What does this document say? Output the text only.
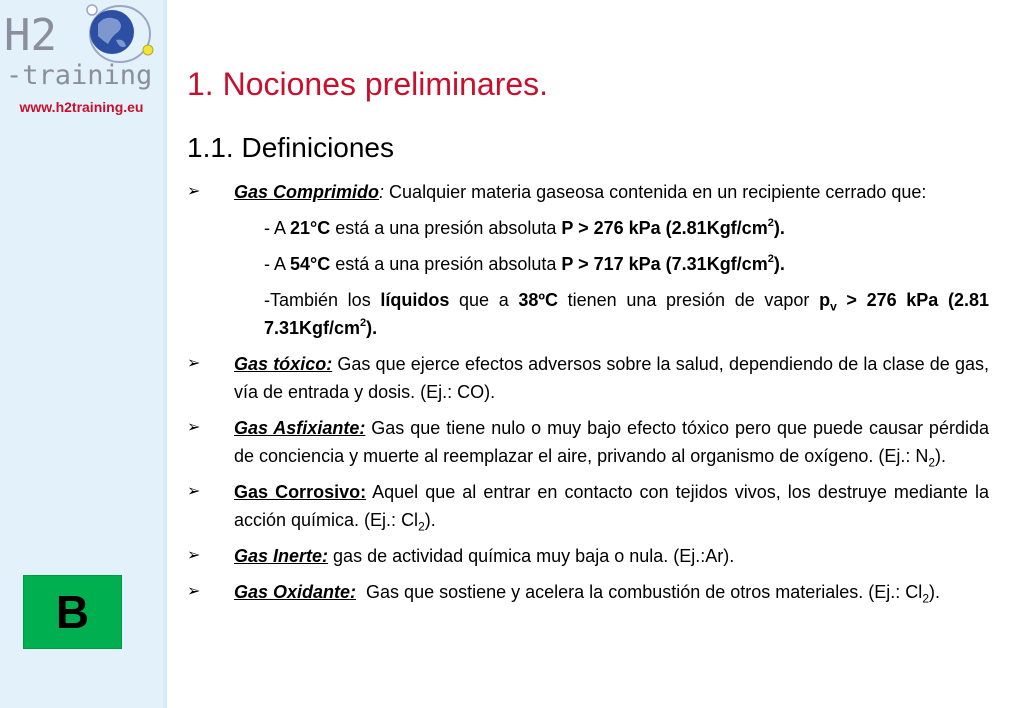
H2
-training
www.h2training.eu
B
1. Nociones preliminares.
1.1. Definiciones
➢ Gas Comprimido: Cualquier materia gaseosa contenida en un recipiente cerrado que:
- A 21°C está a una presión absoluta P > 276 kPa $(2.81Kgf/cm^2)$.
- A 54°C está a una presión absoluta P > 717 kPa $(7.31Kgf/cm^2)$.
-También los líquidos que a 38ºC tienen una presión de vapor $p_v > 276$ kPa (2.81 $7.31Kgf/cm^2$).
➢ Gas tóxico: Gas que ejerce efectos adversos sobre la salud, dependiendo de la clase de gas, vía de entrada y dosis. (Ej.: CO).
➢ Gas Asfixiante: Gas que tiene nulo o muy bajo efecto tóxico pero que puede causar pérdida de conciencia y muerte al reemplazar el aire, privando al organismo de oxígeno. (Ej.: $N_2$).
➢ Gas Corrosivo: Aquel que al entrar en contacto con tejidos vivos, los destruye mediante la acción química. (Ej.: $Cl_2$).
➢ Gas Inerte: gas de actividad química muy baja o nula. (Ej.:Ar).
➢ Gas Oxidante:  Gas que sostiene y acelera la combustión de otros materiales. (Ej.: $Cl_2$).
